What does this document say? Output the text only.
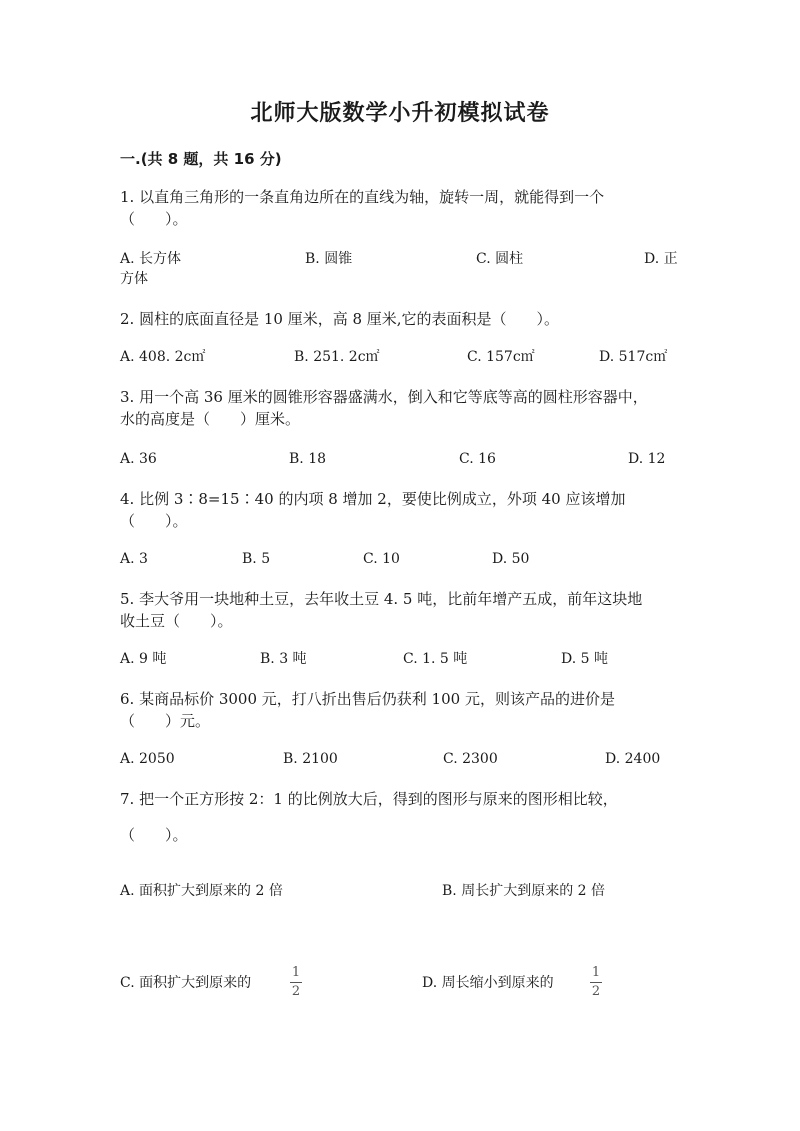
北师大版数学小升初模拟试卷
一.(共 8 题，共 16 分)
1. 以直角三角形的一条直角边所在的直线为轴，旋转一周，就能得到一个
（　　）。
A. 长方体	B. 圆锥	C. 圆柱	D. 正
方体
2. 圆柱的底面直径是 10 厘米，高 8 厘米,它的表面积是（　　）。
A. 408. 2c㎡	B. 251. 2c㎡	C. 157c㎡	D. 517c㎡
3. 用一个高 36 厘米的圆锥形容器盛满水，倒入和它等底等高的圆柱形容器中，
水的高度是（　　）厘米。
A. 36	B. 18	C. 16	D. 12
4. 比例 3∶8=15∶40 的内项 8 增加 2，要使比例成立，外项 40 应该增加
（　　）。
A. 3	B. 5	C. 10	D. 50
5. 李大爷用一块地种土豆，去年收土豆 4. 5 吨，比前年增产五成，前年这块地
收土豆（　　）。
A. 9 吨	B. 3 吨	C. 1. 5 吨	D. 5 吨
6. 某商品标价 3000 元，打八折出售后仍获利 100 元，则该产品的进价是
（　　）元。
A. 2050	B. 2100	C. 2300	D. 2400
7. 把一个正方形按 2：1 的比例放大后，得到的图形与原来的图形相比较，
（　　）。
A. 面积扩大到原来的 2 倍	B. 周长扩大到原来的 2 倍
C. 面积扩大到原来的
1
2
D. 周长缩小到原来的
1
2
